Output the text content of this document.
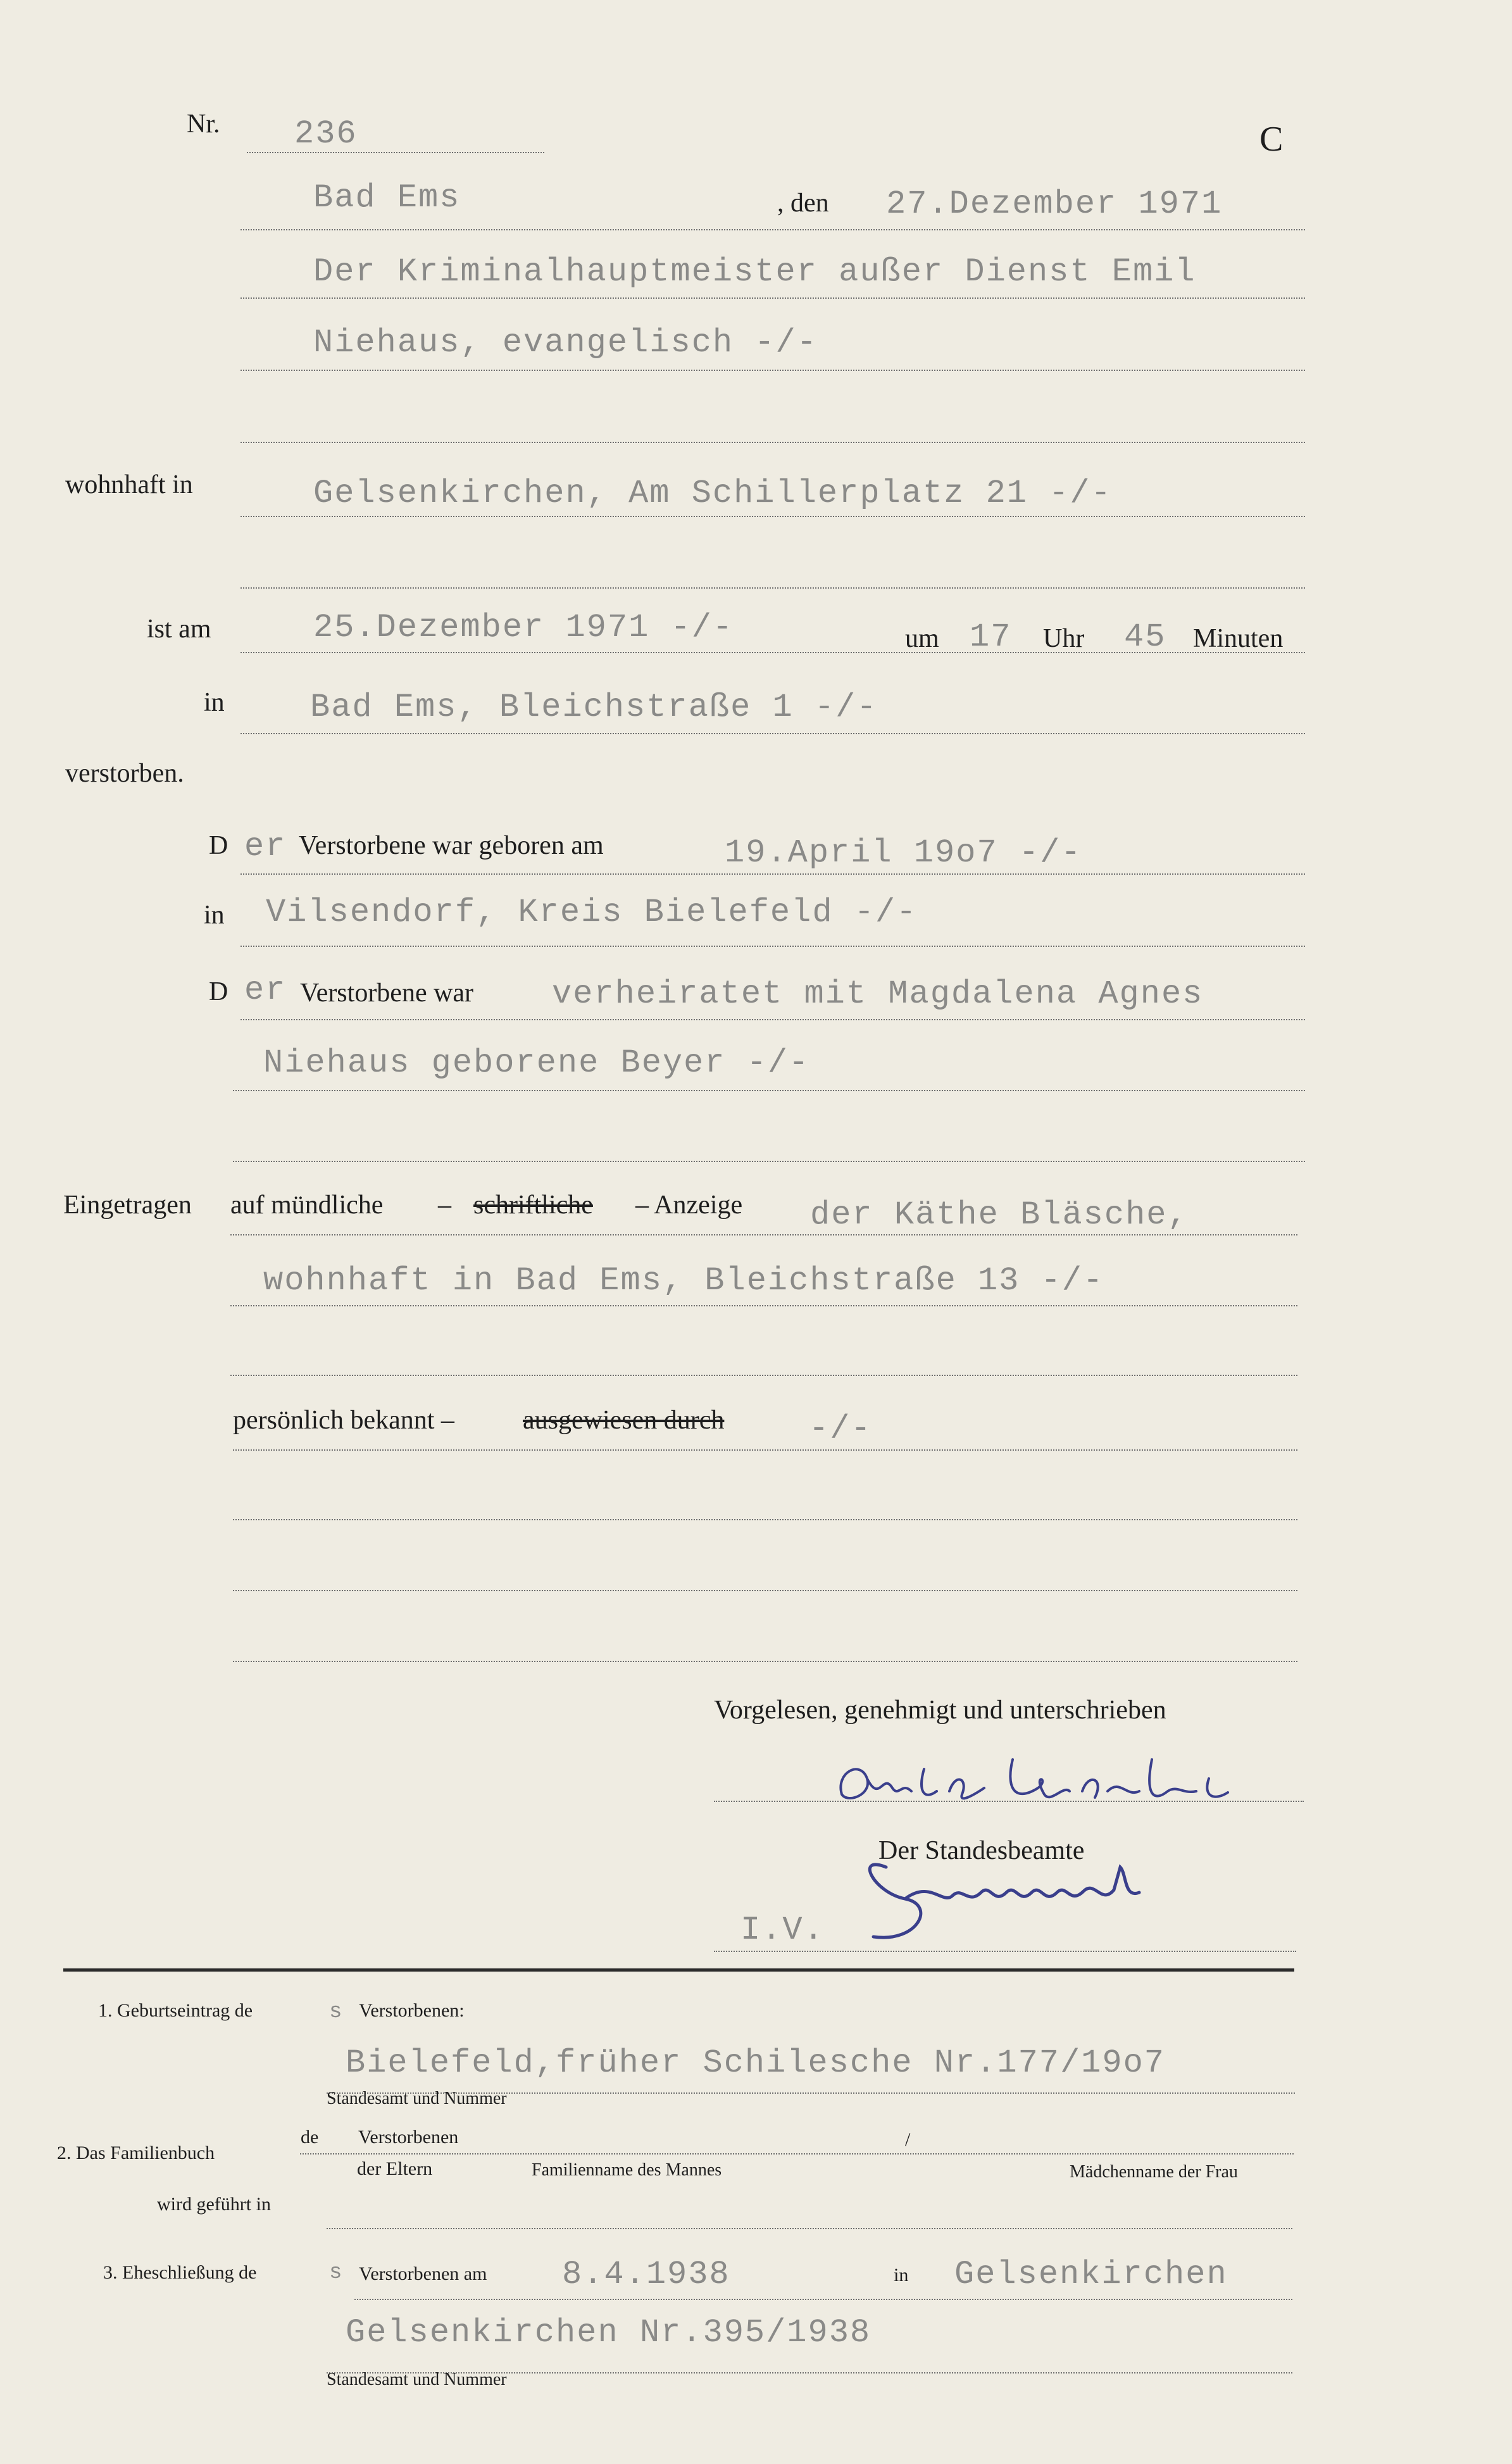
Nr. 236	C
Bad Ems	, den 27.Dezember 1971
Der Kriminalhauptmeister außer Dienst Emil
Niehaus, evangelisch -/-
wohnhaft in	Gelsenkirchen, Am Schillerplatz 21 -/-
ist am	25.Dezember 1971 -/-	um 17 Uhr 45 Minuten
in	Bad Ems, Bleichstraße 1 -/-
verstorben.
D er Verstorbene war geboren am	19.April 19o7 -/-
in Vilsendorf, Kreis Bielefeld -/-
D er Verstorbene war verheiratet mit Magdalena Agnes
Niehaus geborene Beyer -/-
Eingetragen auf mündliche – schriftliche – Anzeige der Käthe Bläsche,
wohnhaft in Bad Ems, Bleichstraße 13 -/-
persönlich bekannt –	ausgewiesen durch	-/-
Vorgelesen, genehmigt und unterschrieben
Der Standesbeamte
I.V.
1. Geburtseintrag de	s Verstorbenen:
Bielefeld,früher Schilesche Nr.177/19o7
Standesamt und Nummer
de Verstorbenen	/
2. Das Familienbuch
der Eltern	Familienname des Mannes	Mädchenname der Frau
wird geführt in
3. Eheschließung de	s Verstorbenen am 8.4.1938	in Gelsenkirchen
Gelsenkirchen Nr.395/1938
Standesamt und Nummer
